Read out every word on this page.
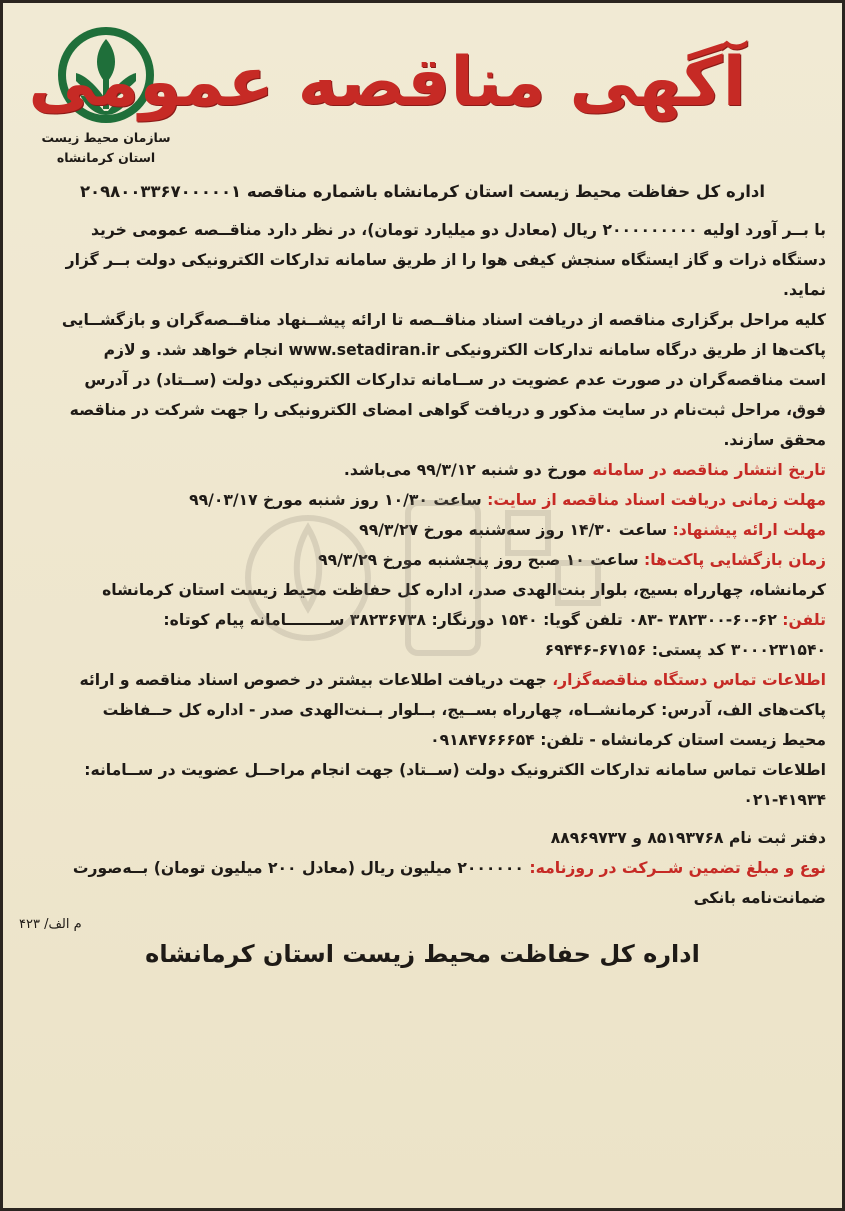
سازمان محیط زیست
استان کرمانشاه
آگهی مناقصه عمومی
اداره کل حفاظت محیط زیست استان کرمانشاه باشماره مناقصه ۲۰۹۸۰۰۳۳۶۷۰۰۰۰۰۱
با بــر آورد اولیه ۲۰۰۰۰۰۰۰۰۰ ریال (معادل دو میلیارد تومان)، در نظر دارد مناقــصه عمومی خرید
دستگاه ذرات و گاز ایستگاه سنجش کیفی هوا را از طریق سامانه تدارکات الکترونیکی دولت بــر گزار
نماید.
کلیه مراحل برگزاری مناقصه از دریافت اسناد مناقــصه تا ارائه پیشــنهاد مناقــصه‌گران و بازگشــایی
پاکت‌ها از طریق درگاه سامانه تدارکات الکترونیکی www.setadiran.ir انجام خواهد شد. و لازم
است مناقصه‌گران در صورت عدم عضویت در ســامانه تدارکات الکترونیکی دولت (ســتاد) در آدرس
فوق، مراحل ثبت‌نام در سایت مذکور و دریافت گواهی امضای الکترونیکی را جهت شرکت در مناقصه
محقق سازند.
تاریخ انتشار مناقصه در سامانه مورخ دو شنبه ۹۹/۳/۱۲ می‌باشد.
مهلت زمانی دریافت اسناد مناقصه از سایت: ساعت ۱۰/۳۰ روز شنبه مورخ ۹۹/۰۳/۱۷
مهلت ارائه پیشنهاد: ساعت ۱۴/۳۰ روز سه‌شنبه مورخ ۹۹/۳/۲۷
زمان بازگشایی پاکت‌ها: ساعت ۱۰ صبح روز پنجشنبه مورخ ۹۹/۳/۲۹
کرمانشاه، چهارراه بسیج، بلوار بنت‌الهدی صدر، اداره کل حفاظت محیط زیست استان کرمانشاه
تلفن: ۶۲-۶۰-۳۸۲۳۰۰ -۰۸۳ تلفن گویا: ۱۵۴۰ دورنگار: ۳۸۲۳۶۷۳۸ ســــــــامانه پیام کوتاه:
۳۰۰۰۲۳۱۵۴۰ کد پستی: ۶۷۱۵۶-۶۹۴۴۶
اطلاعات تماس دستگاه مناقصه‌گزار، جهت دریافت اطلاعات بیشتر در خصوص اسناد مناقصه و ارائه
پاکت‌های الف، آدرس: کرمانشــاه، چهارراه بســیج، بــلوار بــنت‌الهدی صدر - اداره کل حــفاظت
محیط زیست استان کرمانشاه - تلفن: ۰۹۱۸۴۷۶۶۶۵۴
اطلاعات تماس سامانه تدارکات الکترونیک دولت (ســتاد) جهت انجام مراحــل عضویت در ســامانه:
۰۲۱-۴۱۹۳۴
دفتر ثبت نام ۸۵۱۹۳۷۶۸ و ۸۸۹۶۹۷۳۷
نوع و مبلغ تضمین شــرکت در روزنامه: ۲۰۰۰۰۰۰ میلیون ریال (معادل ۲۰۰ میلیون تومان) بــه‌صورت
ضمانت‌نامه بانکی
م الف/ ۴۲۳
اداره کل حفاظت محیط زیست استان کرمانشاه
